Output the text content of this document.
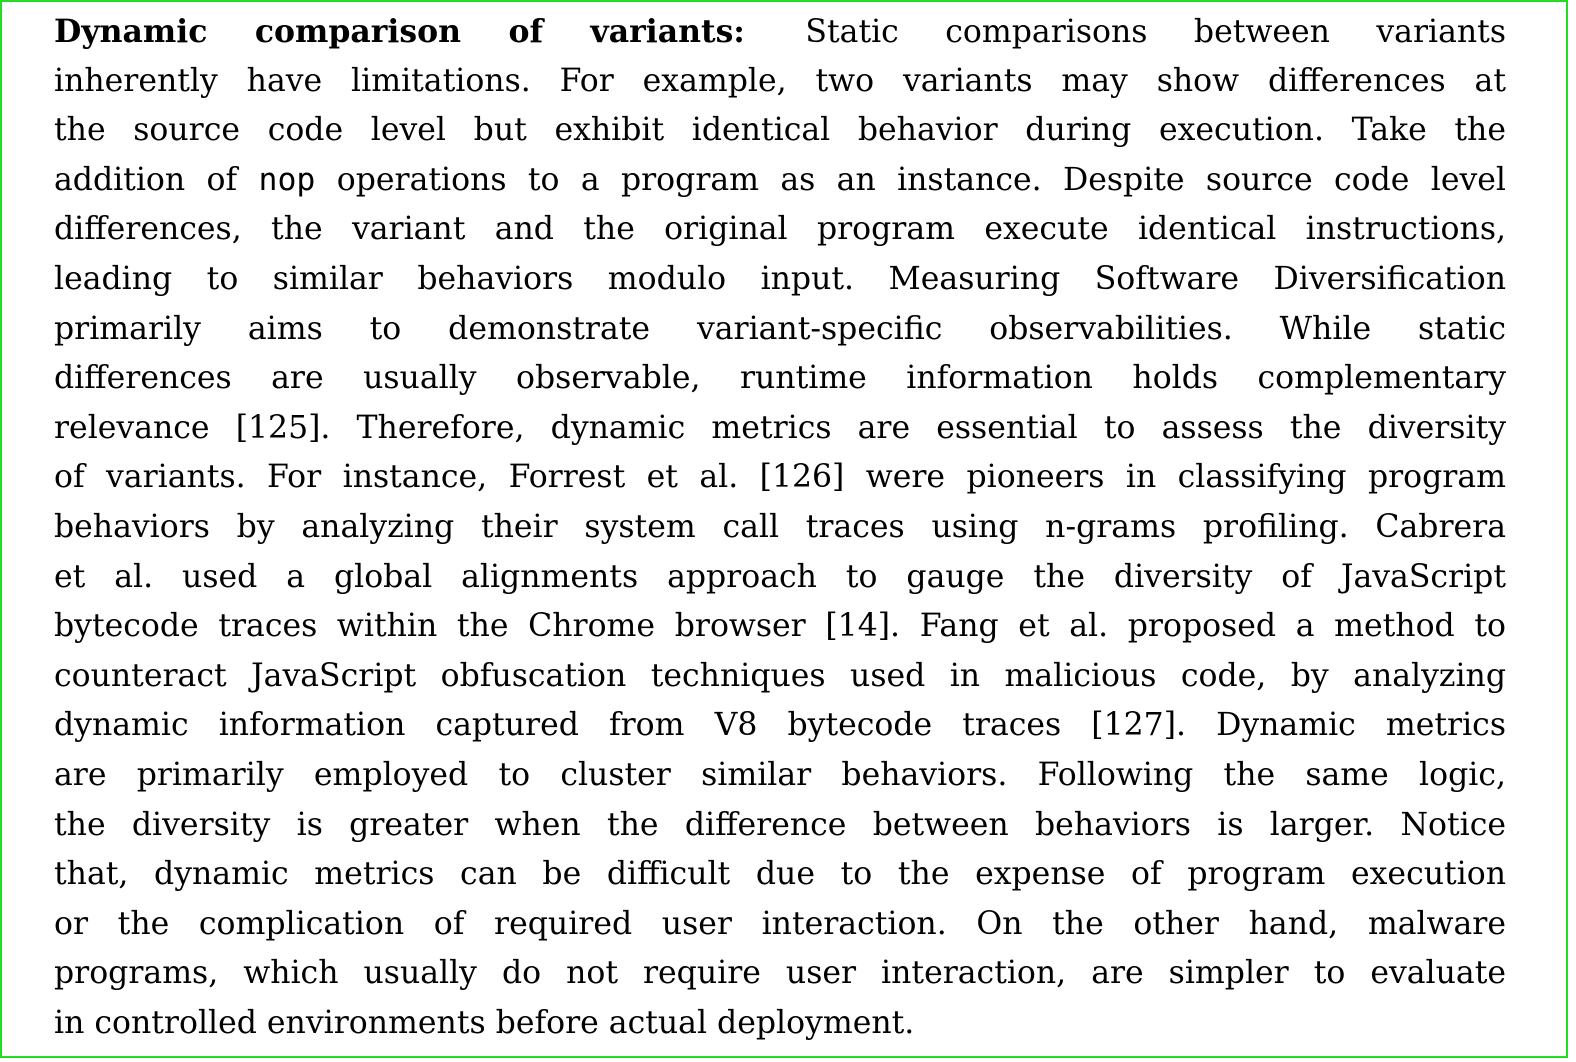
Dynamic comparison of variants: Static comparisons between variants
inherently have limitations. For example, two variants may show differences at
the source code level but exhibit identical behavior during execution. Take the
addition of nop operations to a program as an instance. Despite source code level
differences, the variant and the original program execute identical instructions,
leading to similar behaviors modulo input. Measuring Software Diversification
primarily aims to demonstrate variant-specific observabilities. While static
differences are usually observable, runtime information holds complementary
relevance [125]. Therefore, dynamic metrics are essential to assess the diversity
of variants. For instance, Forrest et al. [126] were pioneers in classifying program
behaviors by analyzing their system call traces using n-grams profiling. Cabrera
et al. used a global alignments approach to gauge the diversity of JavaScript
bytecode traces within the Chrome browser [14]. Fang et al. proposed a method to
counteract JavaScript obfuscation techniques used in malicious code, by analyzing
dynamic information captured from V8 bytecode traces [127]. Dynamic metrics
are primarily employed to cluster similar behaviors. Following the same logic,
the diversity is greater when the difference between behaviors is larger. Notice
that, dynamic metrics can be difficult due to the expense of program execution
or the complication of required user interaction. On the other hand, malware
programs, which usually do not require user interaction, are simpler to evaluate
in controlled environments before actual deployment.
